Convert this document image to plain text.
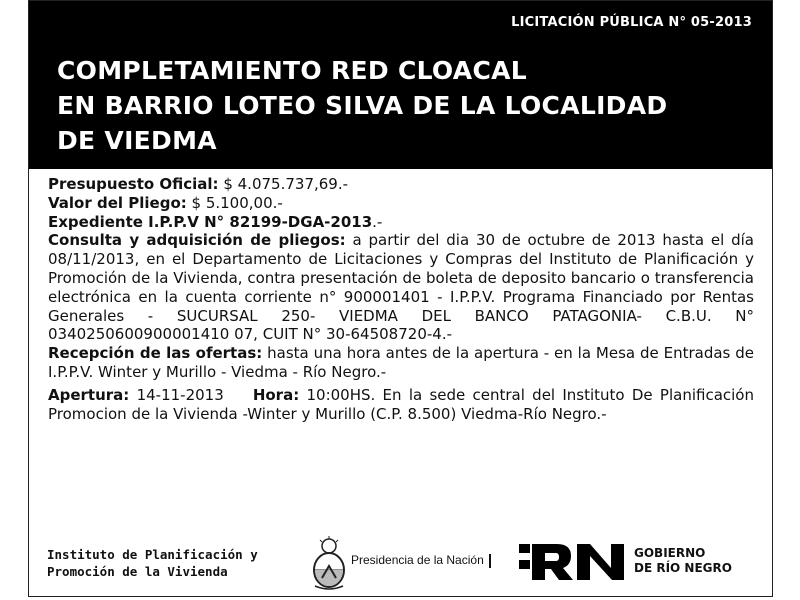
LICITACIÓN PÚBLICA N° 05-2013
COMPLETAMIENTO RED CLOACAL
EN BARRIO LOTEO SILVA DE LA LOCALIDAD
DE VIEDMA

Presupuesto Oficial: $ 4.075.737,69.-

Valor del Pliego: $ 5.100,00.-

Expediente I.P.P.V N° 82199-DGA-2013.-

Consulta y adquisición de pliegos: a partir del dia 30 de octubre de 2013 hasta el día 08/11/2013, en el Departamento de Licitaciones y Compras del Instituto de Planificación y Promoción de la Vivienda, contra presentación de boleta de deposito bancario o transferencia electrónica en la cuenta corriente n° 900001401 - I.P.P.V. Programa Financiado por Rentas Generales - SUCURSAL 250- VIEDMA DEL BANCO PATAGONIA- C.B.U. N° 0340250600900001410 07, CUIT N° 30-64508720-4.-

Recepción de las ofertas: hasta una hora antes de la apertura - en la Mesa de Entradas de I.P.P.V. Winter y Murillo - Viedma - Río Negro.-

Apertura: 14-11-2013    Hora: 10:00HS. En la sede central del Instituto De Planificación Promocion de la Vivienda -Winter y Murillo (C.P. 8.500) Viedma-Río Negro.-

Instituto de Planificación y
Promoción de la Vivienda
Presidencia de la Nación	GOBIERNO
DE RÍO NEGRO
